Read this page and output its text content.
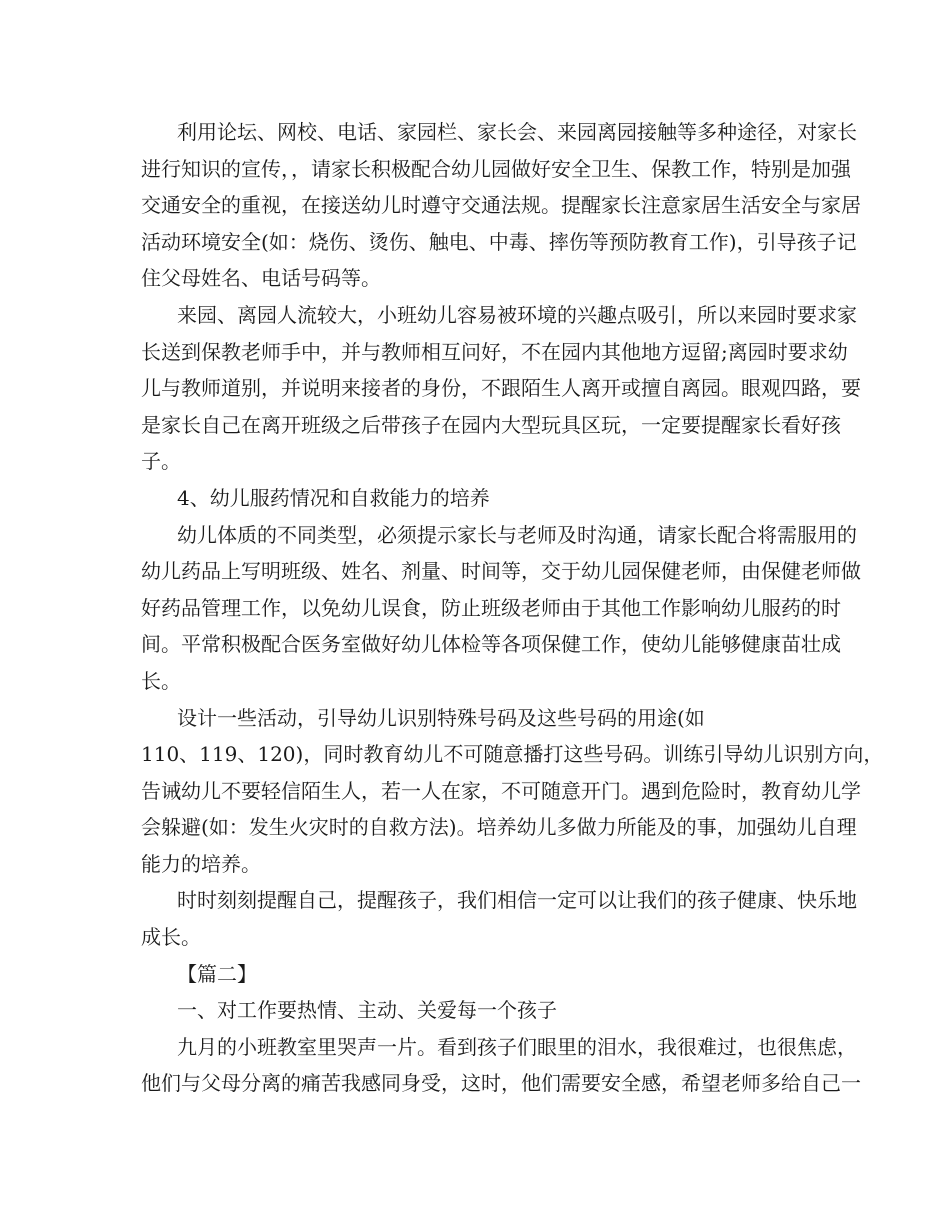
利用论坛、网校、电话、家园栏、家长会、来园离园接触等多种途径，对家长
进行知识的宣传，，请家长积极配合幼儿园做好安全卫生、保教工作，特别是加强
交通安全的重视，在接送幼儿时遵守交通法规。提醒家长注意家居生活安全与家居
活动环境安全(如：烧伤、烫伤、触电、中毒、摔伤等预防教育工作)，引导孩子记
住父母姓名、电话号码等。
来园、离园人流较大，小班幼儿容易被环境的兴趣点吸引，所以来园时要求家
长送到保教老师手中，并与教师相互问好，不在园内其他地方逗留;离园时要求幼
儿与教师道别，并说明来接者的身份，不跟陌生人离开或擅自离园。眼观四路，要
是家长自己在离开班级之后带孩子在园内大型玩具区玩，一定要提醒家长看好孩
子。
4、幼儿服药情况和自救能力的培养
幼儿体质的不同类型，必须提示家长与老师及时沟通，请家长配合将需服用的
幼儿药品上写明班级、姓名、剂量、时间等，交于幼儿园保健老师，由保健老师做
好药品管理工作，以免幼儿误食，防止班级老师由于其他工作影响幼儿服药的时
间。平常积极配合医务室做好幼儿体检等各项保健工作，使幼儿能够健康苗壮成
长。
设计一些活动，引导幼儿识别特殊号码及这些号码的用途(如
110、119、120)，同时教育幼儿不可随意播打这些号码。训练引导幼儿识别方向，
告诫幼儿不要轻信陌生人，若一人在家，不可随意开门。遇到危险时，教育幼儿学
会躲避(如：发生火灾时的自救方法)。培养幼儿多做力所能及的事，加强幼儿自理
能力的培养。
时时刻刻提醒自己，提醒孩子，我们相信一定可以让我们的孩子健康、快乐地
成长。
【篇二】
一、对工作要热情、主动、关爱每一个孩子
九月的小班教室里哭声一片。看到孩子们眼里的泪水，我很难过，也很焦虑，
他们与父母分离的痛苦我感同身受，这时，他们需要安全感，希望老师多给自己一
